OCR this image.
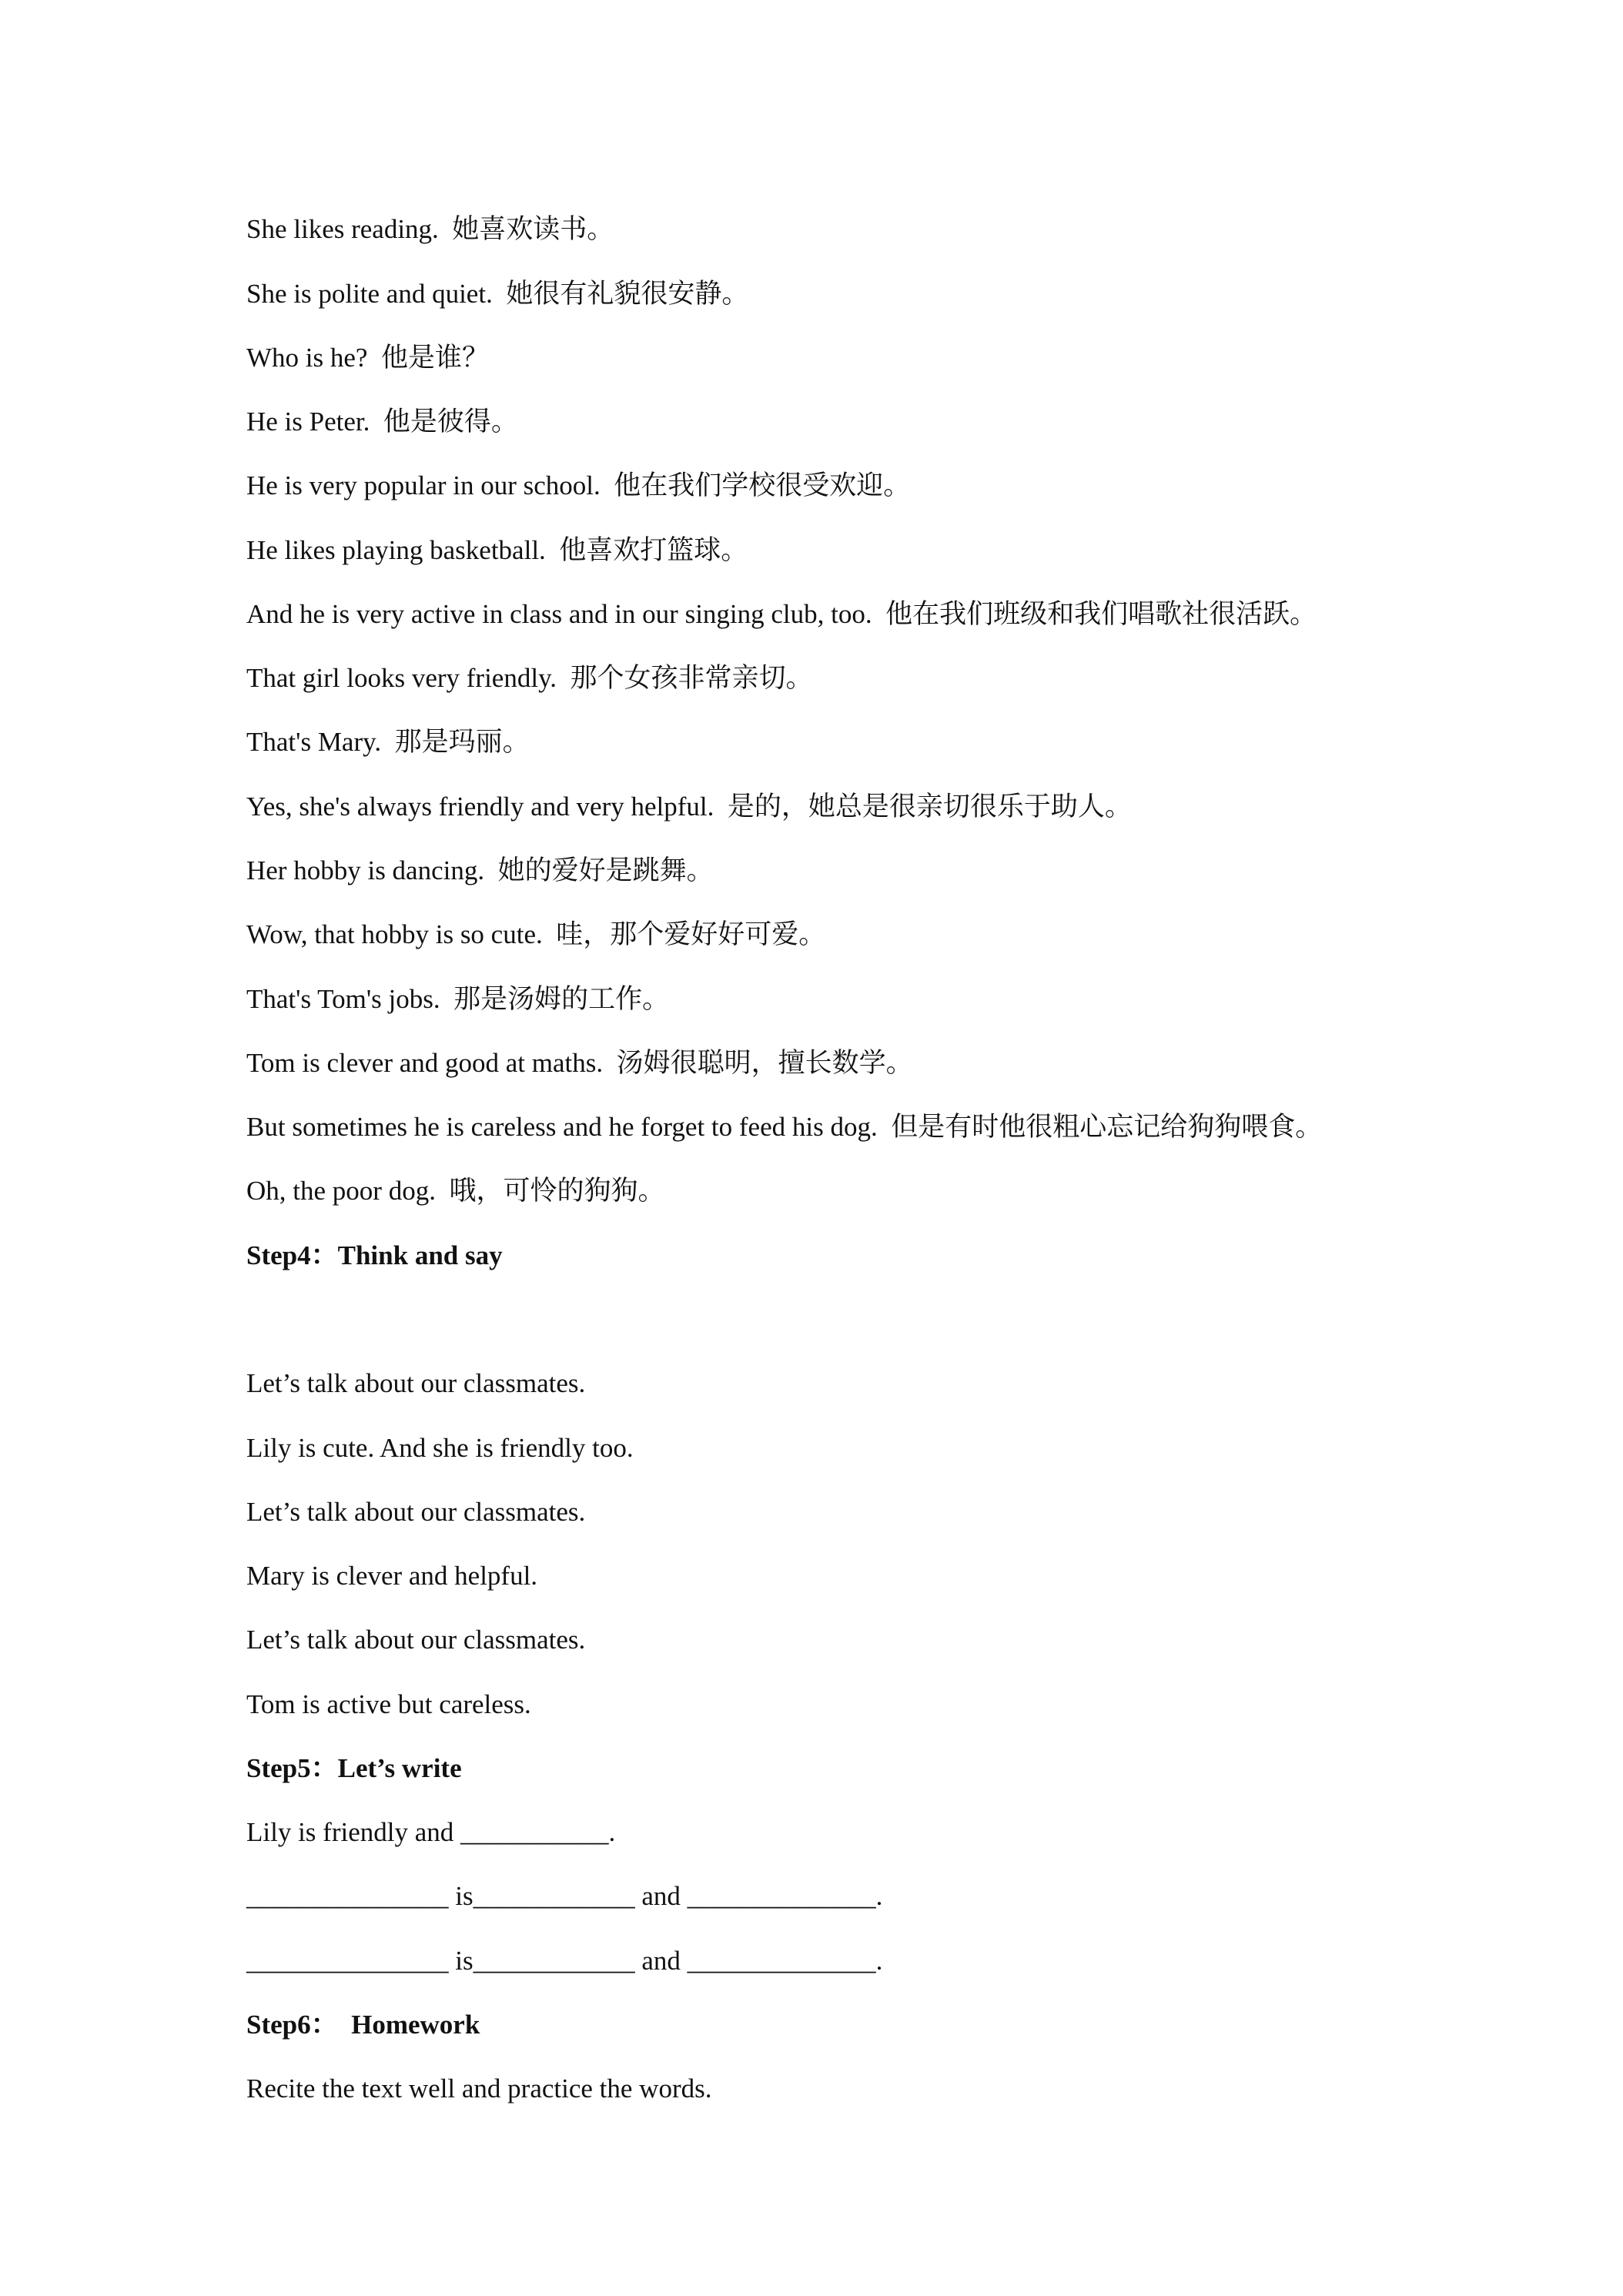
She likes reading.  她喜欢读书。
She is polite and quiet.  她很有礼貌很安静。
Who is he?  他是谁？
He is Peter.  他是彼得。
He is very popular in our school.  他在我们学校很受欢迎。
He likes playing basketball.  他喜欢打篮球。
And he is very active in class and in our singing club, too.  他在我们班级和我们唱歌社很活跃。
That girl looks very friendly.  那个女孩非常亲切。
That's Mary.  那是玛丽。
Yes, she's always friendly and very helpful.  是的，她总是很亲切很乐于助人。
Her hobby is dancing.  她的爱好是跳舞。
Wow, that hobby is so cute.  哇，那个爱好好可爱。
That's Tom's jobs.  那是汤姆的工作。
Tom is clever and good at maths.  汤姆很聪明，擅长数学。
But sometimes he is careless and he forget to feed his dog.  但是有时他很粗心忘记给狗狗喂食。
Oh, the poor dog.  哦，可怜的狗狗。
Step4：Think and say
Let’s talk about our classmates.
Lily is cute. And she is friendly too.
Let’s talk about our classmates.
Mary is clever and helpful.
Let’s talk about our classmates.
Tom is active but careless.
Step5：Let’s write
Lily is friendly and ___________.
_______________ is____________ and ______________.
_______________ is____________ and ______________.
Step6：  Homework
Recite the text well and practice the words.
